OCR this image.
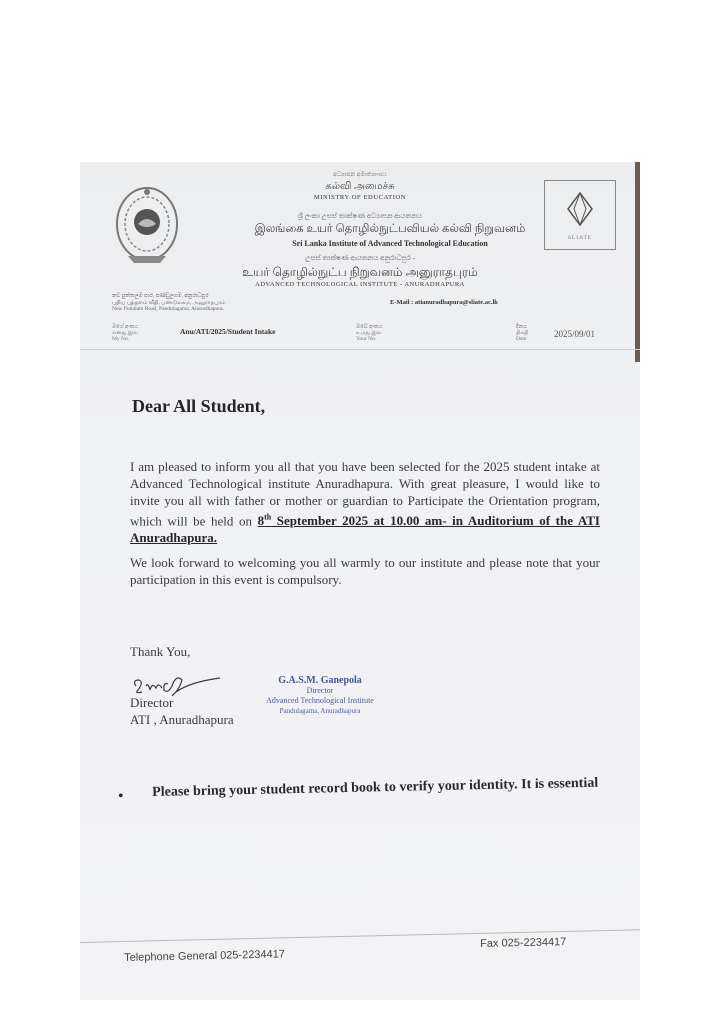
අධ්‍යාපන අමාත්‍යාංශය
கல்வி அமைச்சு
MINISTRY OF EDUCATION
ශ්‍රී ලංකා උසස් තාක්ෂණ අධ්‍යාපන ආයතනය
இலங்கை உயர் தொழில்நுட்பவியல் கல்வி நிறுவனம்
Sri Lanka Institute of Advanced Technological Education
උසස් තාක්ෂණ ආයතනය අනුරාධපුර -
உயர் தொழில்நுட்ப நிறுவனம் அனுராதபுரம்
ADVANCED TECHNOLOGICAL INSTITUTE - ANURADHAPURA
SLIATE
නව පුත්තලම පාර, පණ්ඩුලගම, අනුරාධපුර
புதிய புத்தளம் வீதி, பண்டுலகம, அனுராதபுரம்
New Puttalam Road, Pandulagama, Anuradhapura.
E-Mail : atianuradhapura@sliate.ac.lk
මගේ අංකය
எனது இல
My No.
Anu/ATI/2025/Student Intake	ඔබේ අංකය
உமது இல
Your No.
දිනය
திகதி
Date	2025/09/01
Dear All Student,
I am pleased to inform you all that you have been selected for the 2025 student intake at Advanced Technological institute Anuradhapura. With great pleasure, I would like to invite you all with father or mother or guardian to Participate the Orientation program, which will be held on 8th September 2025 at 10.00 am- in Auditorium of the ATI Anuradhapura.
We look forward to welcoming you all warmly to our institute and please note that your participation in this event is compulsory.
Thank You,
Director
ATI , Anuradhapura
G.A.S.M. Ganepola
Director
Advanced Technological Institute
Pandulagama, Anuradhapura
• Please bring your student record book to verify your identity. It is essential
Telephone General 025-2234417
Fax 025-2234417
